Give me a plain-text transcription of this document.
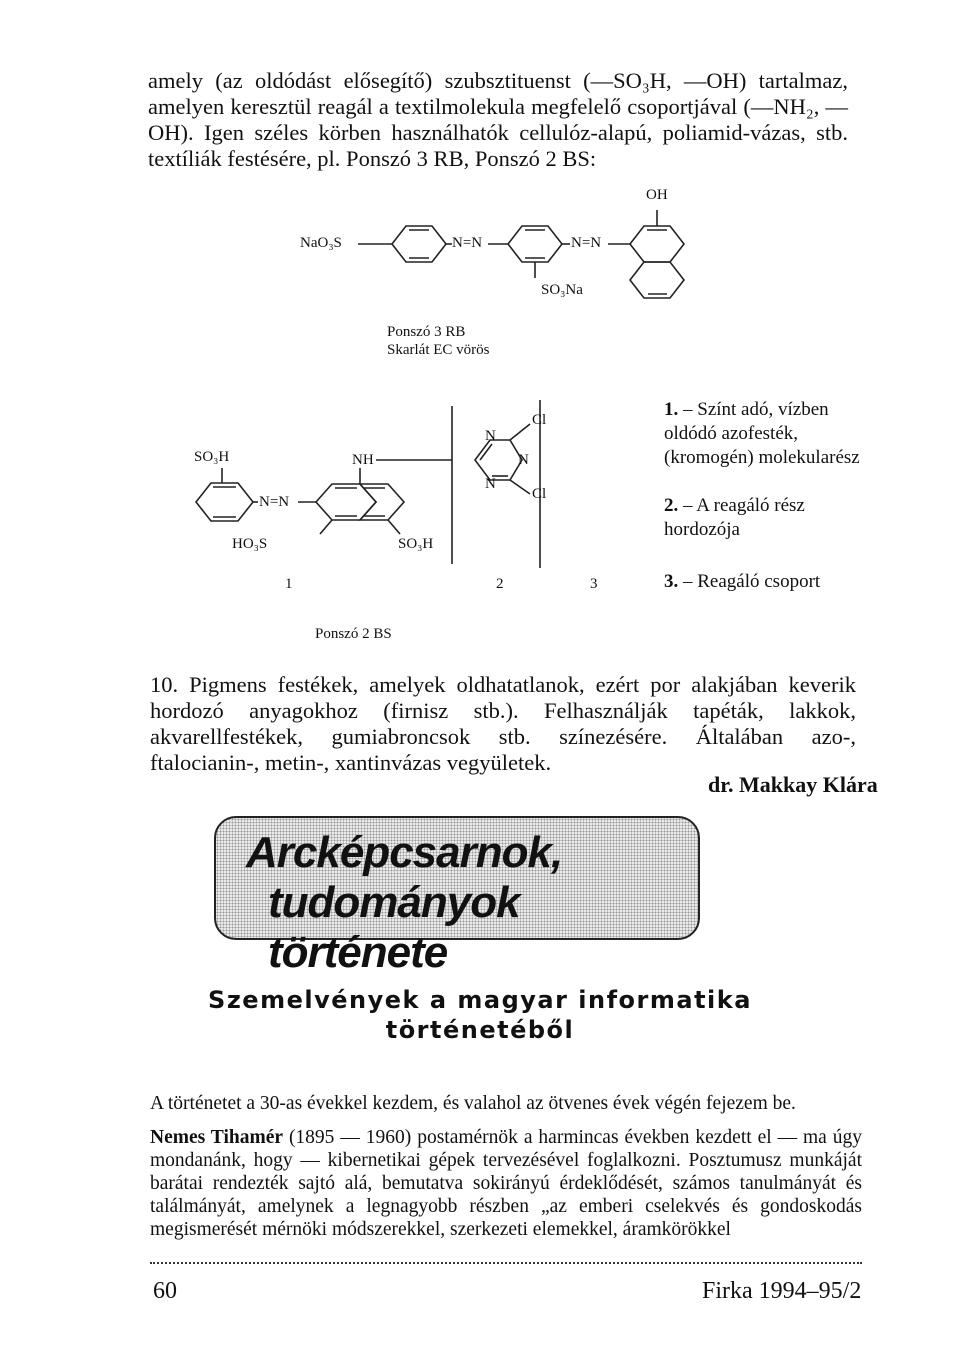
amely (az oldódást elősegítő) szubsztituenst (—SO₃H, —OH) tartalmaz, amelyen keresztül reagál a textilmolekula megfelelő csoportjával (—NH₂, —OH). Igen széles körben használhatók cellulóz-alapú, poliamid-vázas, stb. textíliák festésére, pl. Ponszó 3 RB, Ponszó 2 BS:
NaO₃S	N=N	N=N
OH
SO₃Na
Ponszó 3 RB
Skarlát EC vörös
SO₃H
N=N
NH
HO₃S	SO₃H
N
N
N
Cl
Cl
1	2	3
Ponszó 2 BS
1. – Színt adó, vízben oldódó azofesték, (kromogén) molekularész
2. – A reagáló rész hordozója
3. – Reagáló csoport
10. Pigmens festékek, amelyek oldhatatlanok, ezért por alakjában keverik hordozó anyagokhoz (firnisz stb.). Felhasználják tapéták, lakkok, akvarellfestékek, gumiabroncsok stb. színezésére. Általában azo-, ftalocianin-, metin-, xantinvázas vegyületek.
dr. Makkay Klára
Arcképcsarnok,
tudományok története
Szemelvények a magyar informatika
történetéből
A történetet a 30-as évekkel kezdem, és valahol az ötvenes évek végén fejezem be.
Nemes Tihamér (1895 — 1960) postamérnök a harmincas években kezdett el — ma úgy mondanánk, hogy — kibernetikai gépek tervezésével foglalkozni. Posztumusz munkáját barátai rendezték sajtó alá, bemutatva sokirányú érdeklődését, számos tanulmányát és találmányát, amelynek a legnagyobb részben „az emberi cselekvés és gondoskodás megismerését mérnöki módszerekkel, szerkezeti elemekkel, áramkörökkel
60	Firka 1994–95/2
